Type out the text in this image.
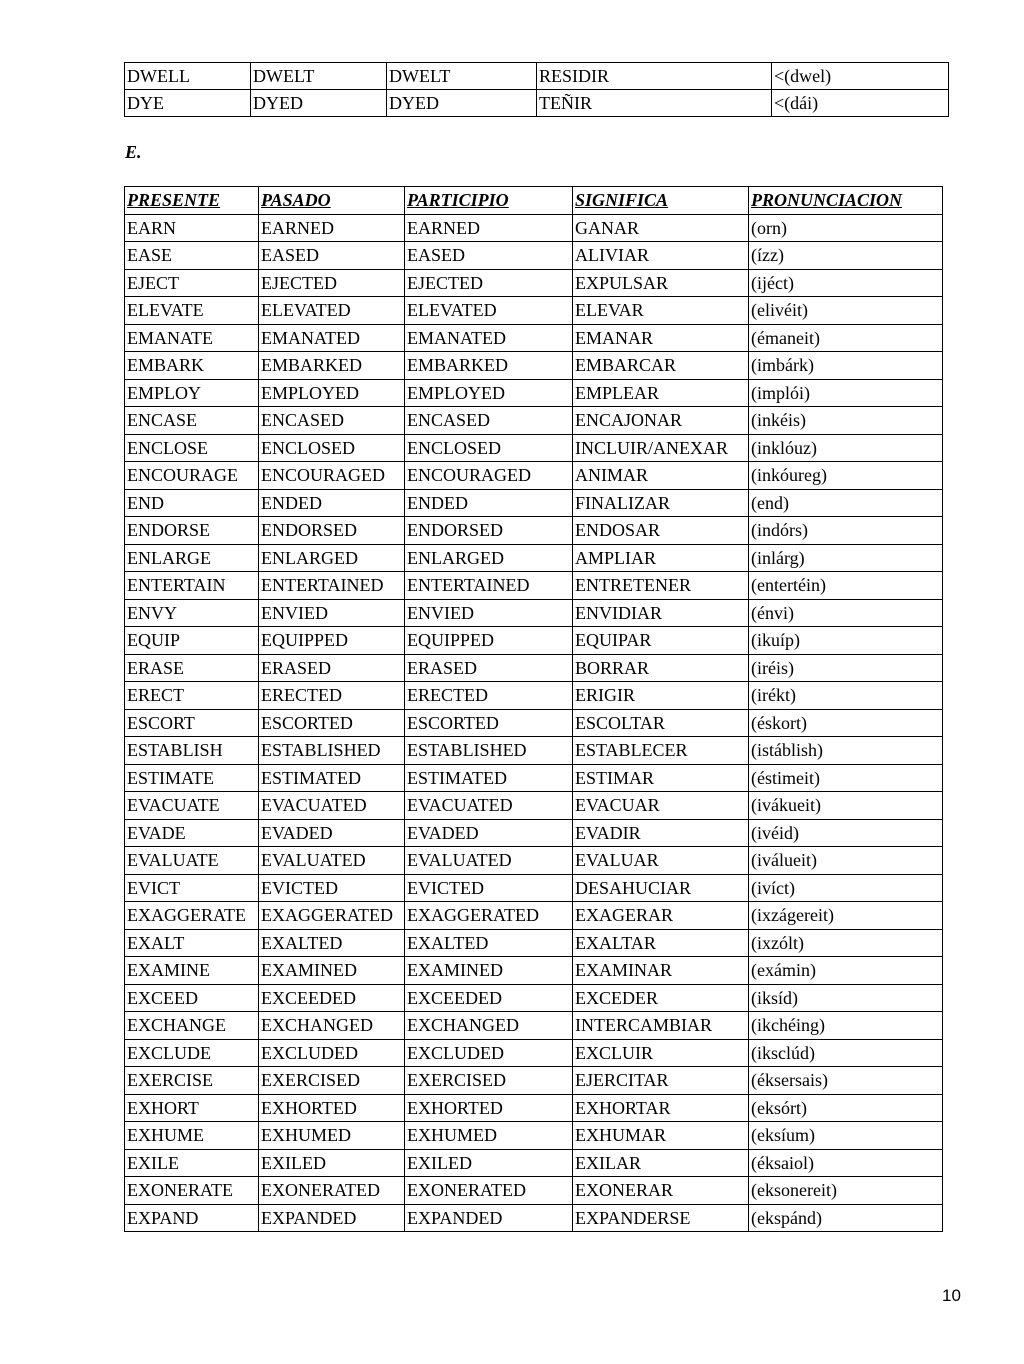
DWELL	DWELT	DWELT	RESIDIR	<(dwel)
DYE	DYED	DYED	TEÑIR	<(dái)
E.
PRESENTE	PASADO	PARTICIPIO	SIGNIFICA	PRONUNCIACION
EARN	EARNED	EARNED	GANAR	(orn)
EASE	EASED	EASED	ALIVIAR	(ízz)
EJECT	EJECTED	EJECTED	EXPULSAR	(ijéct)
ELEVATE	ELEVATED	ELEVATED	ELEVAR	(elivéit)
EMANATE	EMANATED	EMANATED	EMANAR	(émaneit)
EMBARK	EMBARKED	EMBARKED	EMBARCAR	(imbárk)
EMPLOY	EMPLOYED	EMPLOYED	EMPLEAR	(implói)
ENCASE	ENCASED	ENCASED	ENCAJONAR	(inkéis)
ENCLOSE	ENCLOSED	ENCLOSED	INCLUIR/ANEXAR	(inklóuz)
ENCOURAGE	ENCOURAGED	ENCOURAGED	ANIMAR	(inkóureg)
END	ENDED	ENDED	FINALIZAR	(end)
ENDORSE	ENDORSED	ENDORSED	ENDOSAR	(indórs)
ENLARGE	ENLARGED	ENLARGED	AMPLIAR	(inlárg)
ENTERTAIN	ENTERTAINED	ENTERTAINED	ENTRETENER	(entertéin)
ENVY	ENVIED	ENVIED	ENVIDIAR	(énvi)
EQUIP	EQUIPPED	EQUIPPED	EQUIPAR	(ikuíp)
ERASE	ERASED	ERASED	BORRAR	(iréis)
ERECT	ERECTED	ERECTED	ERIGIR	(irékt)
ESCORT	ESCORTED	ESCORTED	ESCOLTAR	(éskort)
ESTABLISH	ESTABLISHED	ESTABLISHED	ESTABLECER	(istáblish)
ESTIMATE	ESTIMATED	ESTIMATED	ESTIMAR	(éstimeit)
EVACUATE	EVACUATED	EVACUATED	EVACUAR	(ivákueit)
EVADE	EVADED	EVADED	EVADIR	(ivéid)
EVALUATE	EVALUATED	EVALUATED	EVALUAR	(iválueit)
EVICT	EVICTED	EVICTED	DESAHUCIAR	(ivíct)
EXAGGERATE	EXAGGERATED	EXAGGERATED	EXAGERAR	(ixzágereit)
EXALT	EXALTED	EXALTED	EXALTAR	(ixzólt)
EXAMINE	EXAMINED	EXAMINED	EXAMINAR	(exámin)
EXCEED	EXCEEDED	EXCEEDED	EXCEDER	(iksíd)
EXCHANGE	EXCHANGED	EXCHANGED	INTERCAMBIAR	(ikchéing)
EXCLUDE	EXCLUDED	EXCLUDED	EXCLUIR	(iksclúd)
EXERCISE	EXERCISED	EXERCISED	EJERCITAR	(éksersais)
EXHORT	EXHORTED	EXHORTED	EXHORTAR	(eksórt)
EXHUME	EXHUMED	EXHUMED	EXHUMAR	(eksíum)
EXILE	EXILED	EXILED	EXILAR	(éksaiol)
EXONERATE	EXONERATED	EXONERATED	EXONERAR	(eksonereit)
EXPAND	EXPANDED	EXPANDED	EXPANDERSE	(ekspánd)
10
